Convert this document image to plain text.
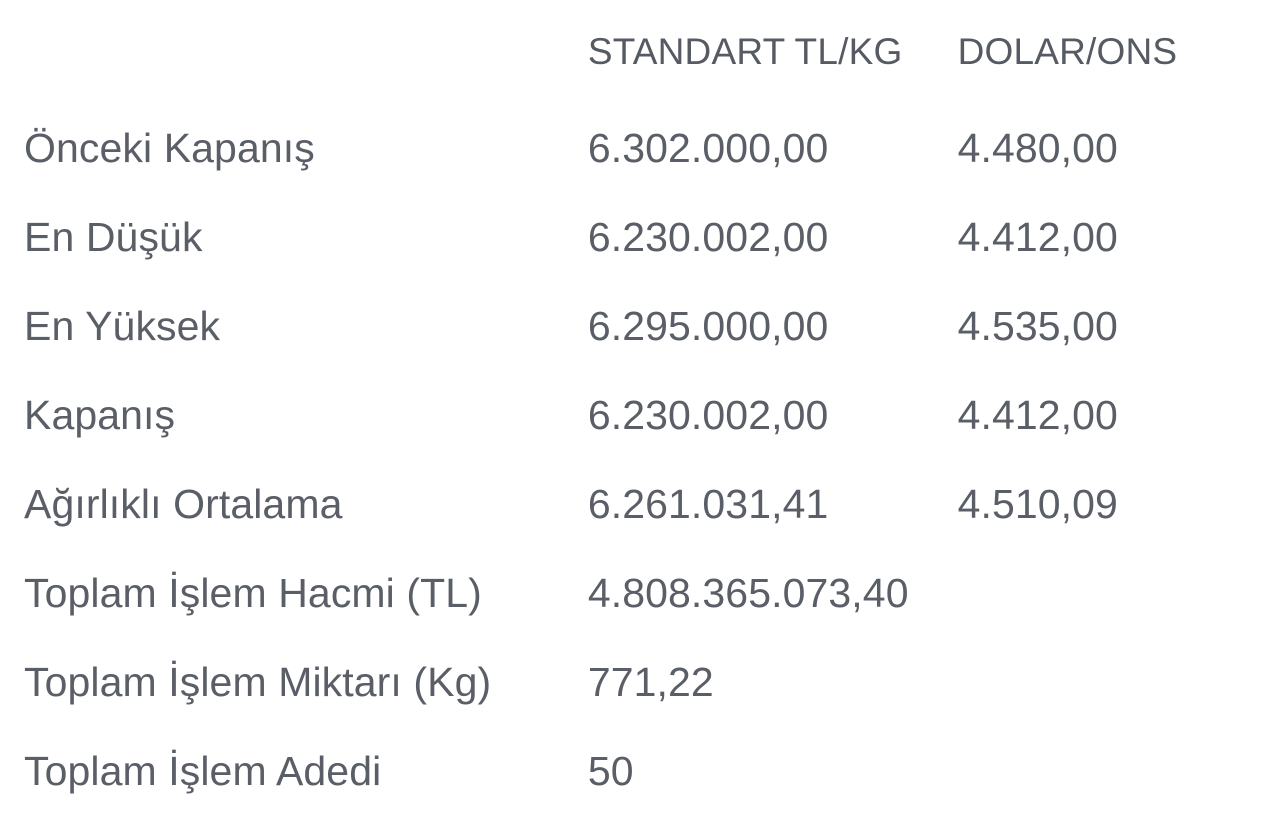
	STANDART TL/KG	DOLAR/ONS
Önceki Kapanış	6.302.000,00	4.480,00
En Düşük	6.230.002,00	4.412,00
En Yüksek	6.295.000,00	4.535,00
Kapanış	6.230.002,00	4.412,00
Ağırlıklı Ortalama	6.261.031,41	4.510,09
Toplam İşlem Hacmi (TL)	4.808.365.073,40	
Toplam İşlem Miktarı (Kg)	771,22	
Toplam İşlem Adedi	50	
